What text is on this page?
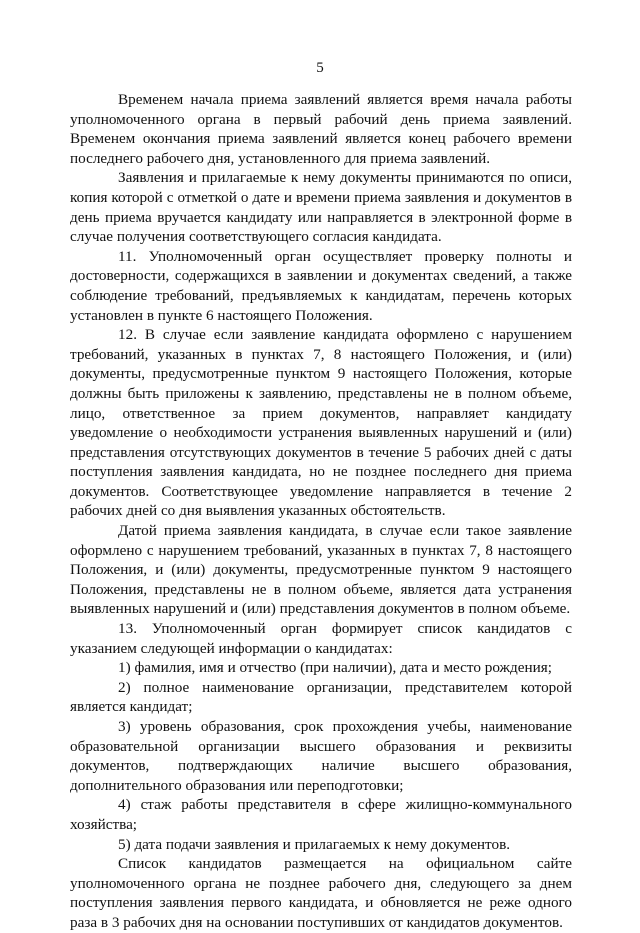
5

Временем начала приема заявлений является время начала работы уполномоченного органа в первый рабочий день приема заявлений. Временем окончания приема заявлений является конец рабочего времени последнего рабочего дня, установленного для приема заявлений.

Заявления и прилагаемые к нему документы принимаются по описи, копия которой с отметкой о дате и времени приема заявления и документов в день приема вручается кандидату или направляется в электронной форме в случае получения соответствующего согласия кандидата.

11. Уполномоченный орган осуществляет проверку полноты и достоверности, содержащихся в заявлении и документах сведений, а также соблюдение требований, предъявляемых к кандидатам, перечень которых установлен в пункте 6 настоящего Положения.

12. В случае если заявление кандидата оформлено с нарушением требований, указанных в пунктах 7, 8 настоящего Положения, и (или) документы, предусмотренные пунктом 9 настоящего Положения, которые должны быть приложены к заявлению, представлены не в полном объеме, лицо, ответственное за прием документов, направляет кандидату уведомление о необходимости устранения выявленных нарушений и (или) представления отсутствующих документов в течение 5 рабочих дней с даты поступления заявления кандидата, но не позднее последнего дня приема документов. Соответствующее уведомление направляется в течение 2 рабочих дней со дня выявления указанных обстоятельств.

Датой приема заявления кандидата, в случае если такое заявление оформлено с нарушением требований, указанных в пунктах 7, 8 настоящего Положения, и (или) документы, предусмотренные пунктом 9 настоящего Положения, представлены не в полном объеме, является дата устранения выявленных нарушений и (или) представления документов в полном объеме.

13. Уполномоченный орган формирует список кандидатов с указанием следующей информации о кандидатах:

1) фамилия, имя и отчество (при наличии), дата и место рождения;

2) полное наименование организации, представителем которой является кандидат;

3) уровень образования, срок прохождения учебы, наименование образовательной организации высшего образования и реквизиты документов, подтверждающих наличие высшего образования, дополнительного образования или переподготовки;

4) стаж работы представителя в сфере жилищно-коммунального хозяйства;

5) дата подачи заявления и прилагаемых к нему документов.

Список кандидатов размещается на официальном сайте уполномоченного органа не позднее рабочего дня, следующего за днем поступления заявления первого кандидата, и обновляется не реже одного раза в 3 рабочих дня на основании поступивших от кандидатов документов.
